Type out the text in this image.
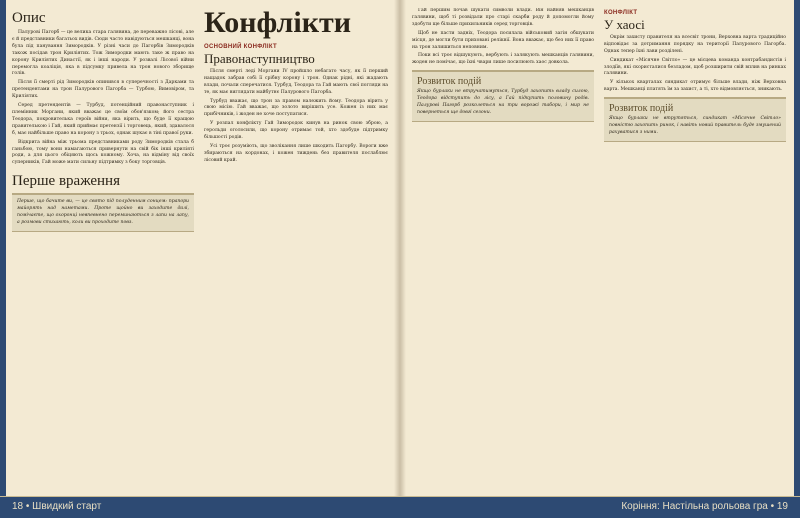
Опис

Палурові Пагорб — це велика стара галявина, де переважно лісові, але є й представники багатьох видів. Сюди часто навідуються мешканці, вона була під панування Зимородків. У різні часи до Пагорбів Зимородків також посідав трон Криліятих. Тож Зимородки мають таке ж право на корону Криліятих Династії, як і інші народи. У розвалі Лісової війни перемогла коаліція, яка в підсумку привела на трон нового зборище голів.

Після її смерті рід Зимородків опинився в суперечності з Дарками та претендентами на трон Палурового Пагорба — Турбою, Вимовіром, та Криліятих.

Серед претендентів — Турбуд, потенційний правонаступник і племінник Моргани, який вважає це своїм обов'язком; його сестра Теодора, покровителька героїв війни, яка вірить, що буде її кращою правителькою і Гай, який приймає претензії і торговець, який, здавалося б, має найбільше право на корону з трьох, однак шукає в тіні правої руки.

Відкрита війна між трьома представниками роду Зимородків стала б ганьбою, тому вони намагаються привернути на свій бік інші криліяті роди, а для цього обіцяють щось кожному. Хоча, на відміну від своїх суперників, Гай може мати сильну підтримку з боку торговців.

Перше враження
Перше, що бачите ви, — це свято під полуденним сонцем: прапори майорять над наметами. Проте щойно ви заходите далі, помічаєте, що охоронці невпевнено переминаються з лапи на лапу, а розмови стихають, коли ви проходите повз.
Конфлікти
ОСНОВНИЙ КОНФЛІКТ
Правонаступництво

Після смерті леді Моргани IV пройшло небагато часу, як її перший нащадок забрав собі її срібну корону і трон. Однак рідні, які жадають влади, почали сперечатися. Турбуд, Теодора та Гай мають свої погляди на те, як має виглядати майбутнє Палурового Пагорба.

Турбуд вважає, що трон за правом належить йому. Теодора вірить у свою місію. Гай вважає, що золото вирішить усе. Кожен із них має прибічників, і жоден не хоче поступатися.

У розпал конфлікту Гай Зимородок кинув на ринок свою зброю, а герольди оголосили, що корону отримає той, хто здобуде підтримку більшості родів.

Усі троє розуміють, що зволікання лише шкодить Пагорбу. Вороги вже збираються на кордонах, і кожен тиждень без правителя послаблює лісовий край.

Гай першим почав шукати символи влади. Він найняв мешканців галявини, щоб ті розвідали про старі скарби роду й допомогли йому здобути ще більше прихильників серед торговців.

Щоб не пасти задніх, Теодора посилала військовий загін обшукати місця, де могли бути приховані реліквії. Вона вважає, що без них її право на трон залишиться неповним.

Поки всі троє відшукують, вербують і залякують мешканців галявини, жоден не помічає, що їхні чвари лише посилюють хаос довкола.

Розвиток подій
Якщо бурлаки не втручатимуться, Турбуд захопить владу силою, Теодора відступить до лісу, а Гай підкупить половину родів. Палурові Пагорб розколеться на три ворожі табори, і мир не повернеться ще довгі сезони.
КОНФЛІКТ
У хаосі

Окрім захисту правителя на всесвіт трони, Верховна варта традиційно відповідає за дотримання порядку на території Палурового Пагорба. Однак тепер їхні лави розділені.

Синдикат «Місячне Світло» — це місцева команда контрабандистів і злодіїв, які скористалися безладом, щоб розширити свій вплив на ринках галявини.

У кількох кварталах синдикат отримує більше влади, ніж Верховна варта. Мешканці платять їм за захист, а ті, хто відмовляється, зникають.

Розвиток подій
Якщо бурлаки не втрутяться, синдикат «Місячне Світло» повністю захопить ринок, і навіть новий правитель буде змушений рахуватися з ними.
18 • Швидкий старт	Коріння: Настільна рольова гра • 19
